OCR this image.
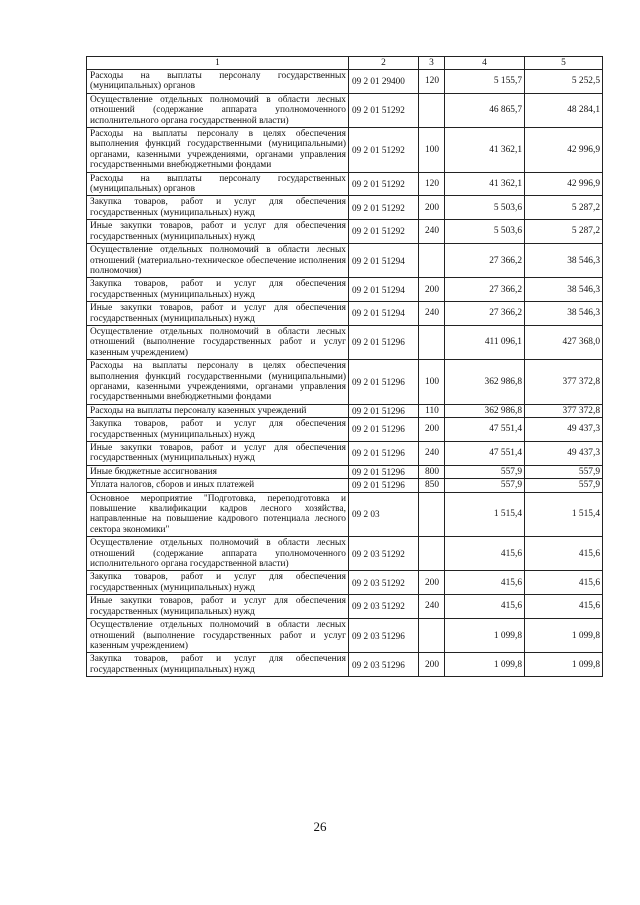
1	2	3	4	5
Расходы на выплаты персоналу государственных (муниципальных) органов	09 2 01 29400	120	5 155,7	5 252,5
Осуществление отдельных полномочий в области лесных отношений (содержание аппарата уполномоченного исполнительного органа государственной власти)	09 2 01 51292		46 865,7	48 284,1
Расходы на выплаты персоналу в целях обеспечения выполнения функций государственными (муниципальными) органами, казенными учреждениями, органами управления государственными внебюджетными фондами	09 2 01 51292	100	41 362,1	42 996,9
Расходы на выплаты персоналу государственных (муниципальных) органов	09 2 01 51292	120	41 362,1	42 996,9
Закупка товаров, работ и услуг для обеспечения государственных (муниципальных) нужд	09 2 01 51292	200	5 503,6	5 287,2
Иные закупки товаров, работ и услуг для обеспечения государственных (муниципальных) нужд	09 2 01 51292	240	5 503,6	5 287,2
Осуществление отдельных полномочий в области лесных отношений (материально-техническое обеспечение исполнения полномочия)	09 2 01 51294		27 366,2	38 546,3
Закупка товаров, работ и услуг для обеспечения государственных (муниципальных) нужд	09 2 01 51294	200	27 366,2	38 546,3
Иные закупки товаров, работ и услуг для обеспечения государственных (муниципальных) нужд	09 2 01 51294	240	27 366,2	38 546,3
Осуществление отдельных полномочий в области лесных отношений (выполнение государственных работ и услуг казенным учреждением)	09 2 01 51296		411 096,1	427 368,0
Расходы на выплаты персоналу в целях обеспечения выполнения функций государственными (муниципальными) органами, казенными учреждениями, органами управления государственными внебюджетными фондами	09 2 01 51296	100	362 986,8	377 372,8
Расходы на выплаты персоналу казенных учреждений	09 2 01 51296	110	362 986,8	377 372,8
Закупка товаров, работ и услуг для обеспечения государственных (муниципальных) нужд	09 2 01 51296	200	47 551,4	49 437,3
Иные закупки товаров, работ и услуг для обеспечения государственных (муниципальных) нужд	09 2 01 51296	240	47 551,4	49 437,3
Иные бюджетные ассигнования	09 2 01 51296	800	557,9	557,9
Уплата налогов, сборов и иных платежей	09 2 01 51296	850	557,9	557,9
Основное мероприятие "Подготовка, переподготовка и повышение квалификации кадров лесного хозяйства, направленные на повышение кадрового потенциала лесного сектора экономики"	09 2 03		1 515,4	1 515,4
Осуществление отдельных полномочий в области лесных отношений (содержание аппарата уполномоченного исполнительного органа государственной власти)	09 2 03 51292		415,6	415,6
Закупка товаров, работ и услуг для обеспечения государственных (муниципальных) нужд	09 2 03 51292	200	415,6	415,6
Иные закупки товаров, работ и услуг для обеспечения государственных (муниципальных) нужд	09 2 03 51292	240	415,6	415,6
Осуществление отдельных полномочий в области лесных отношений (выполнение государственных работ и услуг казенным учреждением)	09 2 03 51296		1 099,8	1 099,8
Закупка товаров, работ и услуг для обеспечения государственных (муниципальных) нужд	09 2 03 51296	200	1 099,8	1 099,8
26
